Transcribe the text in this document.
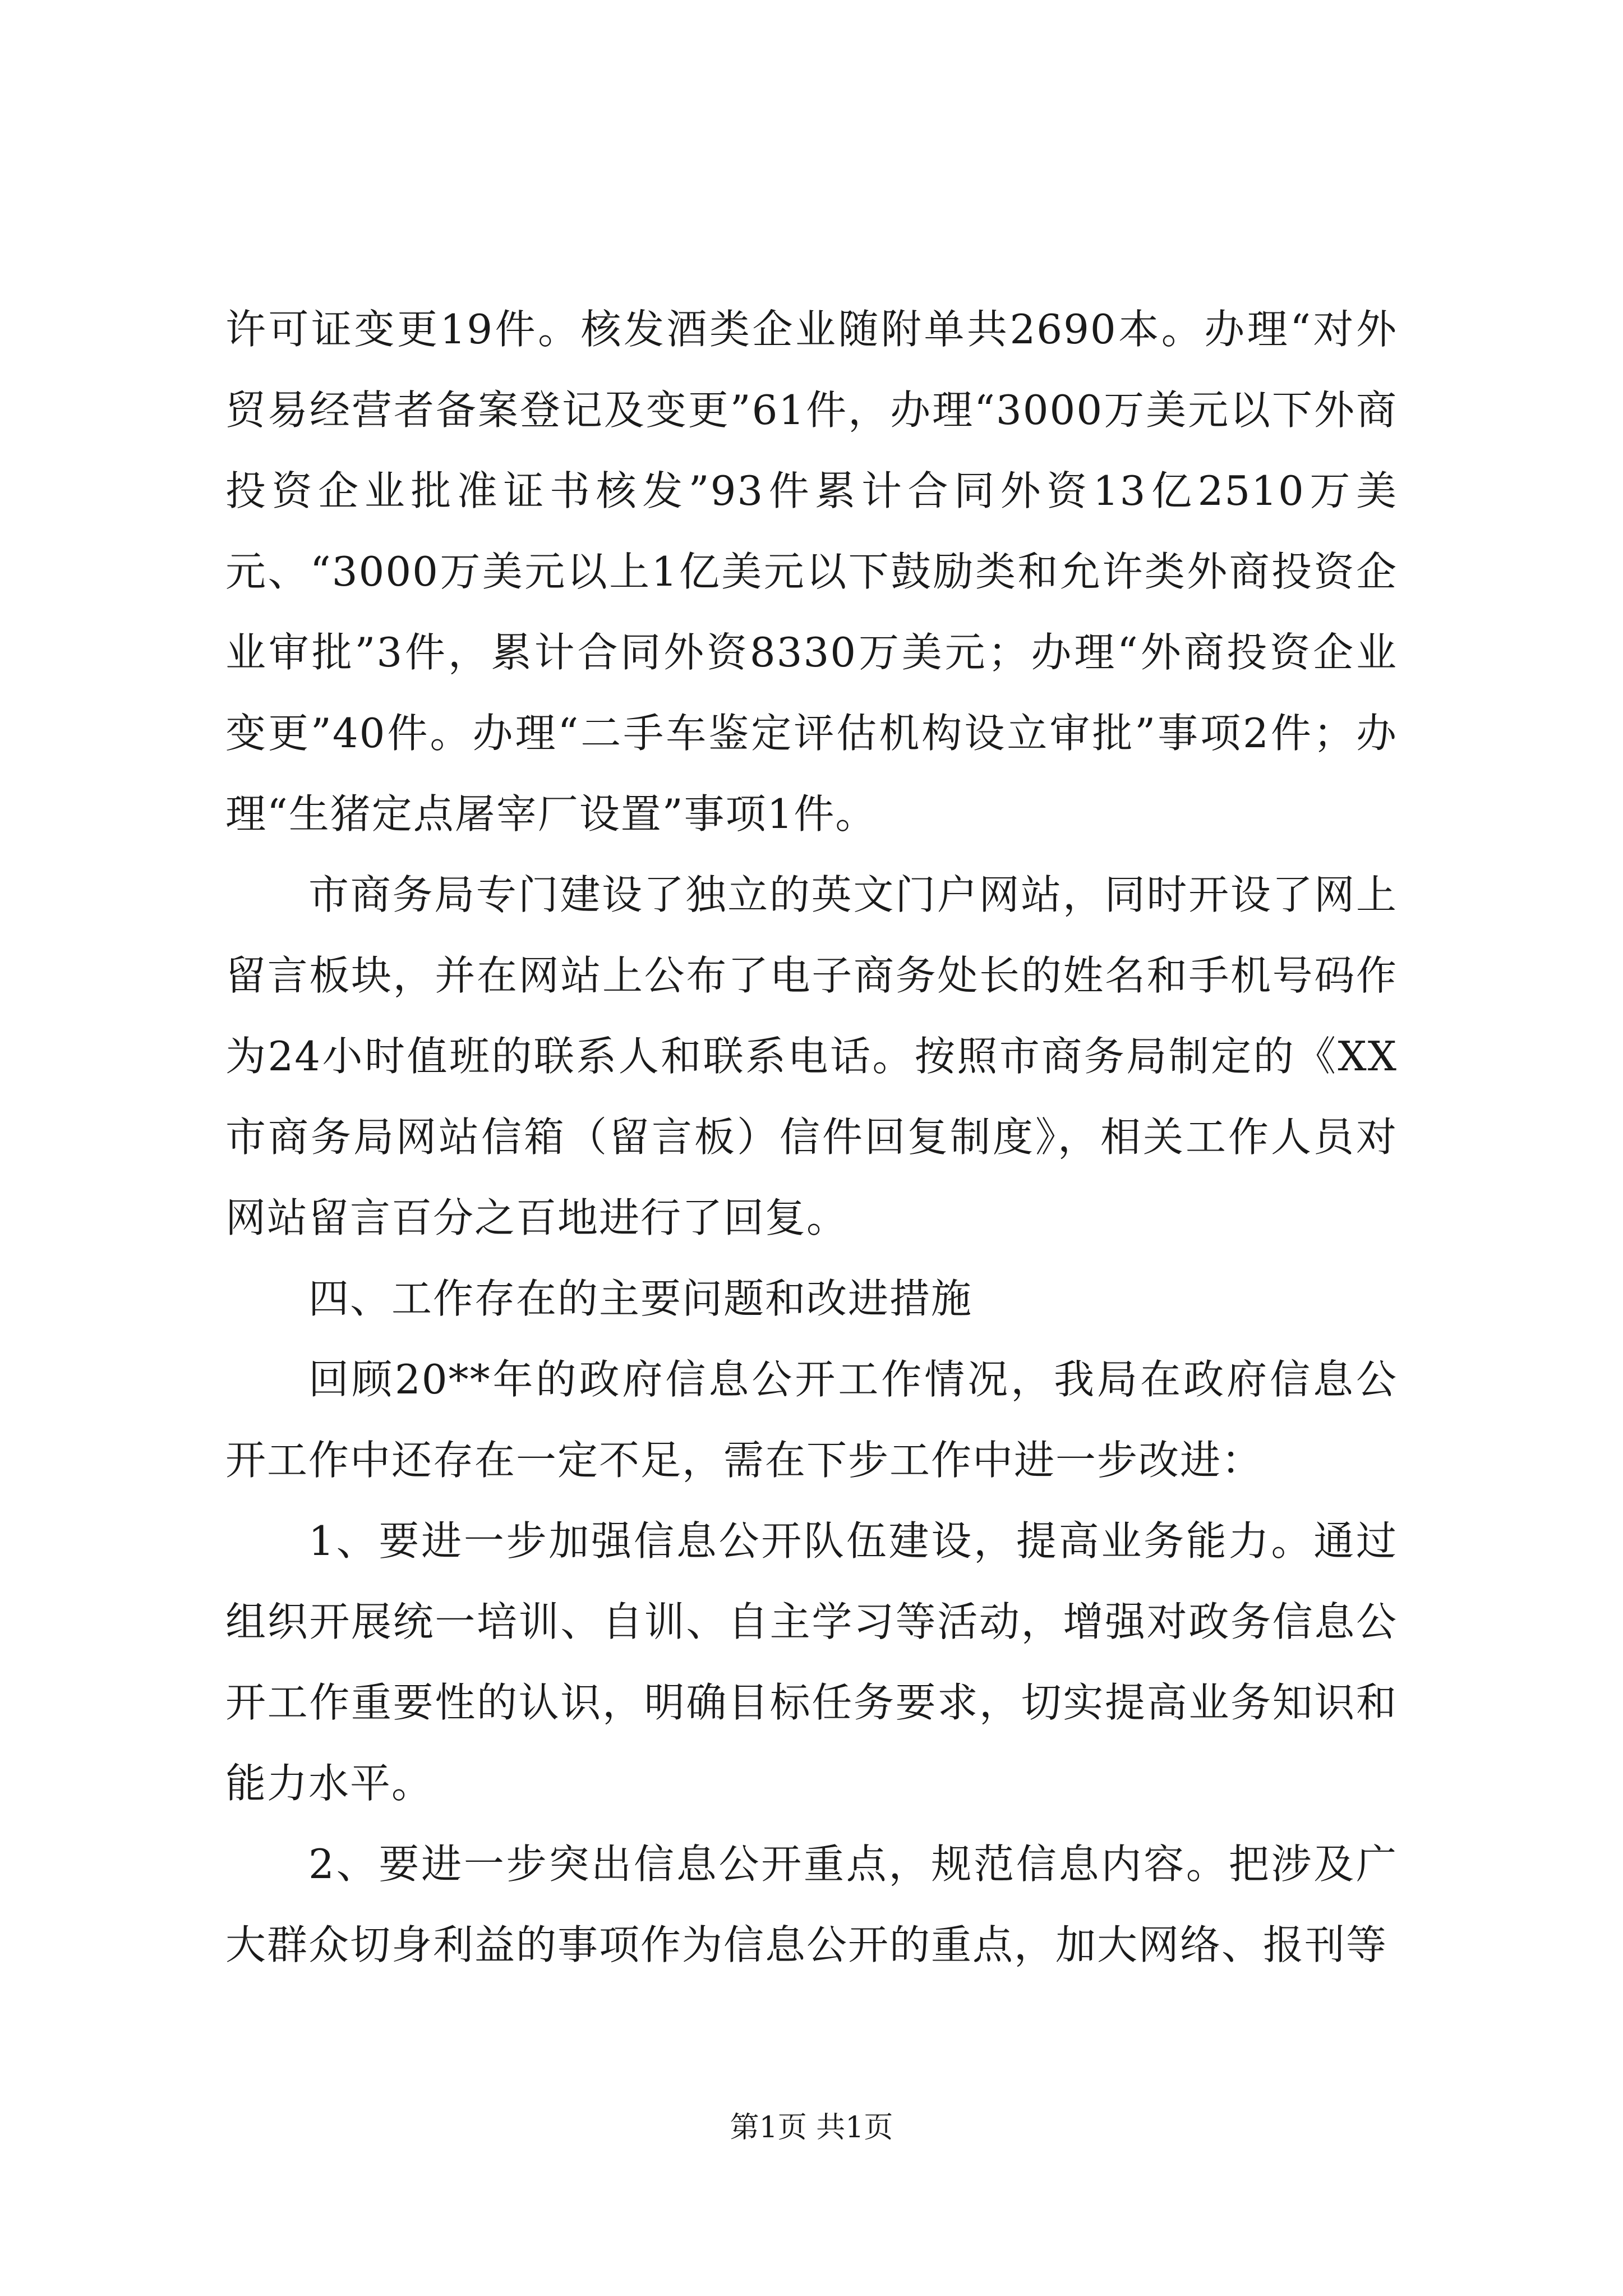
许可证变更19件。核发酒类企业随附单共2690本。办理“对外贸易经营者备案登记及变更”61件，办理“3000万美元以下外商投资企业批准证书核发”93件累计合同外资13亿2510万美元、“3000万美元以上1亿美元以下鼓励类和允许类外商投资企业审批”3件，累计合同外资8330万美元；办理“外商投资企业变更”40件。办理“二手车鉴定评估机构设立审批”事项2件；办理“生猪定点屠宰厂设置”事项1件。

市商务局专门建设了独立的英文门户网站，同时开设了网上留言板块，并在网站上公布了电子商务处长的姓名和手机号码作为24小时值班的联系人和联系电话。按照市商务局制定的《XX市商务局网站信箱（留言板）信件回复制度》，相关工作人员对网站留言百分之百地进行了回复。

四、工作存在的主要问题和改进措施

回顾20**年的政府信息公开工作情况，我局在政府信息公开工作中还存在一定不足，需在下步工作中进一步改进：

1、要进一步加强信息公开队伍建设，提高业务能力。通过组织开展统一培训、自训、自主学习等活动，增强对政务信息公开工作重要性的认识，明确目标任务要求，切实提高业务知识和能力水平。

2、要进一步突出信息公开重点，规范信息内容。把涉及广大群众切身利益的事项作为信息公开的重点，加大网络、报刊等

第1页 共1页
